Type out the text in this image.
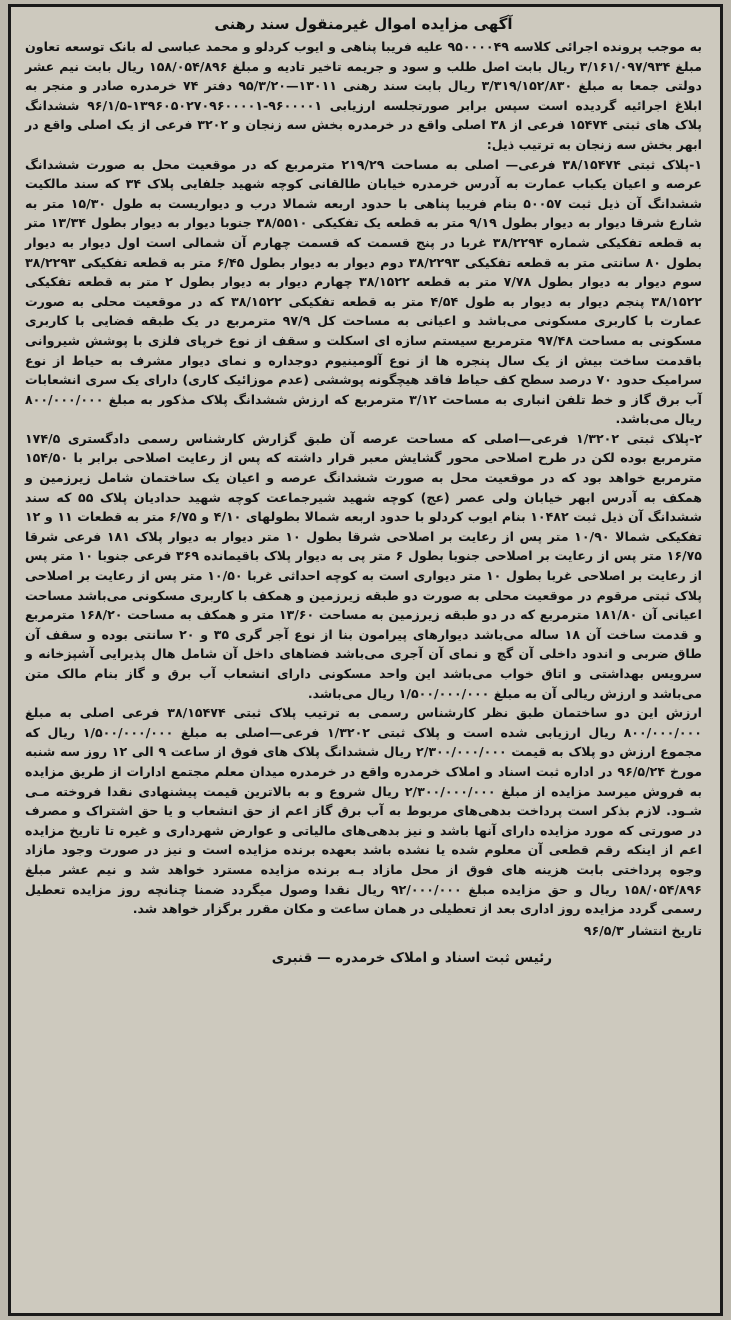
آگهی مزایده اموال غیرمنقول سند رهنی

به موجب پرونده اجرائی کلاسه ۹۵۰۰۰۰۴۹ علیه فریبا پناهی و ایوب کردلو و محمد عباسی له بانک توسعه تعاون مبلغ ۳/۱۶۱/۰۹۷/۹۳۴ ریال بابت اصل طلب و سود و جریمه تاخیر تادیه و مبلغ ۱۵۸/۰۵۴/۸۹۶ ریال بابت نیم عشر دولتی جمعا به مبلغ ۳/۳۱۹/۱۵۲/۸۳۰ ریال بابت سند رهنی ۱۳۰۱۱—۹۵/۳/۲۰ دفتر ۷۴ خرمدره صادر و منجر به ابلاغ اجرائیه گردیده است سپس برابر صورتجلسه ارزیابی ۹۶۰۰۰۰۱-۱۳۹۶۰۵۰۲۷۰۹۶۰۰۰۰۱-۹۶/۱/۵ ششدانگ پلاک های ثبتی ۱۵۴۷۴ فرعی از ۳۸ اصلی واقع در خرمدره بخش سه زنجان و ۳۲۰۲ فرعی از یک اصلی واقع در ابهر بخش سه زنجان به ترتیب ذیل:

۱-پلاک ثبتی ۳۸/۱۵۴۷۴ فرعی— اصلی به مساحت ۲۱۹/۲۹ مترمربع که در موقعیت محل به صورت ششدانگ عرصه و اعیان یکباب عمارت به آدرس خرمدره خیابان طالقانی کوچه شهید جلفایی پلاک ۳۴ که سند مالکیت ششدانگ آن ذیل ثبت ۵۰۰۵۷ بنام فریبا پناهی با حدود اربعه شمالا درب و دیواریست به طول ۱۵/۳۰ متر به شارع شرقا دیوار به دیوار بطول ۹/۱۹ متر به قطعه یک تفکیکی ۳۸/۵۵۱۰ جنوبا دیوار به دیوار بطول ۱۳/۳۴ متر به قطعه تفکیکی شماره ۳۸/۲۲۹۴ غربا در پنج قسمت که قسمت چهارم آن شمالی است اول دیوار به دیوار بطول ۸۰ سانتی متر به قطعه تفکیکی ۳۸/۲۲۹۳ دوم دیوار به دیوار بطول ۶/۴۵ متر به قطعه تفکیکی ۳۸/۲۲۹۳ سوم دیوار به دیوار بطول ۷/۷۸ متر به قطعه ۳۸/۱۵۲۲ چهارم دیوار به دیوار بطول ۲ متر به قطعه تفکیکی ۳۸/۱۵۲۲ پنجم دیوار به دیوار به طول ۴/۵۴ متر به قطعه تفکیکی ۳۸/۱۵۲۲ که در موقعیت محلی به صورت عمارت با کاربری مسکونی می‌باشد و اعیانی به مساحت کل ۹۷/۹ مترمربع در یک طبقه فضایی با کاربری مسکونی به مساحت ۹۷/۴۸ مترمربع سیستم سازه ای اسکلت و سقف از نوع خرپای فلزی با پوشش شیروانی باقدمت ساخت بیش از یک سال پنجره ها از نوع آلومینیوم دوجداره و نمای دیوار مشرف به حیاط از نوع سرامیک حدود ۷۰ درصد سطح کف حیاط فاقد هیچگونه پوششی (عدم موزائیک کاری) دارای یک سری انشعابات آب برق گاز و خط تلفن انباری به مساحت ۳/۱۲ مترمربع که ارزش ششدانگ پلاک مذکور به مبلغ ۸۰۰/۰۰۰/۰۰۰ ریال می‌باشد.

۲-پلاک ثبتی ۱/۳۲۰۲ فرعی—اصلی که مساحت عرصه آن طبق گزارش کارشناس رسمی دادگستری ۱۷۴/۵ مترمربع بوده لکن در طرح اصلاحی محور گشایش معبر قرار داشته که پس از رعایت اصلاحی برابر با ۱۵۴/۵۰ مترمربع خواهد بود که در موقعیت محل به صورت ششدانگ عرصه و اعیان یک ساختمان شامل زیرزمین و همکف به آدرس ابهر خیابان ولی عصر (عج) کوچه شهید شیرجماعت کوچه شهید حدادیان پلاک ۵۵ که سند ششدانگ آن ذیل ثبت ۱۰۴۸۲ بنام ایوب کردلو با حدود اربعه شمالا بطولهای ۴/۱۰ و ۶/۷۵ متر به قطعات ۱۱ و ۱۲ تفکیکی شمالا ۱۰/۹۰ متر پس از رعایت بر اصلاحی شرقا بطول ۱۰ متر دیوار به دیوار پلاک ۱۸۱ فرعی شرقا ۱۶/۷۵ متر پس از رعایت بر اصلاحی جنوبا بطول ۶ متر پی به دیوار پلاک باقیمانده ۳۶۹ فرعی جنوبا ۱۰ متر پس از رعایت بر اصلاحی غربا بطول ۱۰ متر دیواری است به کوچه احداثی غربا ۱۰/۵۰ متر پس از رعایت بر اصلاحی پلاک ثبتی مرقوم در موقعیت محلی به صورت دو طبقه زیرزمین و همکف با کاربری مسکونی می‌باشد مساحت اعیانی آن ۱۸۱/۸۰ مترمربع که در دو طبقه زیرزمین به مساحت ۱۳/۶۰ متر و همکف به مساحت ۱۶۸/۲۰ مترمربع و قدمت ساخت آن ۱۸ ساله می‌باشد دیوارهای پیرامون بنا از نوع آجر گری ۳۵ و ۲۰ سانتی بوده و سقف آن طاق ضربی و اندود داخلی آن گچ و نمای آن آجری می‌باشد فضاهای داخل آن شامل هال پذیرایی آشپزخانه و سرویس بهداشتی و اتاق خواب می‌باشد این واحد مسکونی دارای انشعاب آب برق و گاز بنام مالک متن می‌باشد و ارزش ریالی آن به مبلغ ۱/۵۰۰/۰۰۰/۰۰۰ ریال می‌باشد.

ارزش این دو ساختمان طبق نظر کارشناس رسمی به ترتیب پلاک ثبتی ۳۸/۱۵۴۷۴ فرعی اصلی به مبلغ ۸۰۰/۰۰۰/۰۰۰ ریال ارزیابی شده است و پلاک ثبتی ۱/۳۲۰۲ فرعی—اصلی به مبلغ ۱/۵۰۰/۰۰۰/۰۰۰ ریال که مجموع ارزش دو پلاک به قیمت ۲/۳۰۰/۰۰۰/۰۰۰ ریال ششدانگ پلاک های فوق از ساعت ۹ الی ۱۲ روز سه شنبه مورخ ۹۶/۵/۲۴ در اداره ثبت اسناد و املاک خرمدره واقع در خرمدره میدان معلم مجتمع ادارات از طریق مزایده به فروش میرسد مزایده از مبلغ ۲/۳۰۰/۰۰۰/۰۰۰ ریال شروع و به بالاترین قیمت پیشنهادی نقدا فروخته مـی شـود. لازم بذکر است پرداخت بدهی‌های مربوط به آب برق گاز اعم از حق انشعاب و یا حق اشتراک و مصرف در صورتی که مورد مزایده دارای آنها باشد و نیز بدهی‌های مالیاتی و عوارض شهرداری و غیره تا تاریخ مزایده اعم از اینکه رقم قطعی آن معلوم شده یا نشده باشد بعهده برنده مزایده است و نیز در صورت وجود مازاد وجوه پرداختی بابت هزینه های فوق از محل مازاد بـه برنده مزایده مسترد خواهد شد و نیم عشر مبلغ ۱۵۸/۰۵۴/۸۹۶ ریال و حق مزایده مبلغ ۹۲/۰۰۰/۰۰۰ ریال نقدا وصول میگردد ضمنا چنانچه روز مزایده تعطیل رسمی گردد مزایده روز اداری بعد از تعطیلی در همان ساعت و مکان مقرر برگزار خواهد شد.

تاریخ انتشار ۹۶/۵/۳
رئیس ثبت اسناد و املاک خرمدره — قنبری
